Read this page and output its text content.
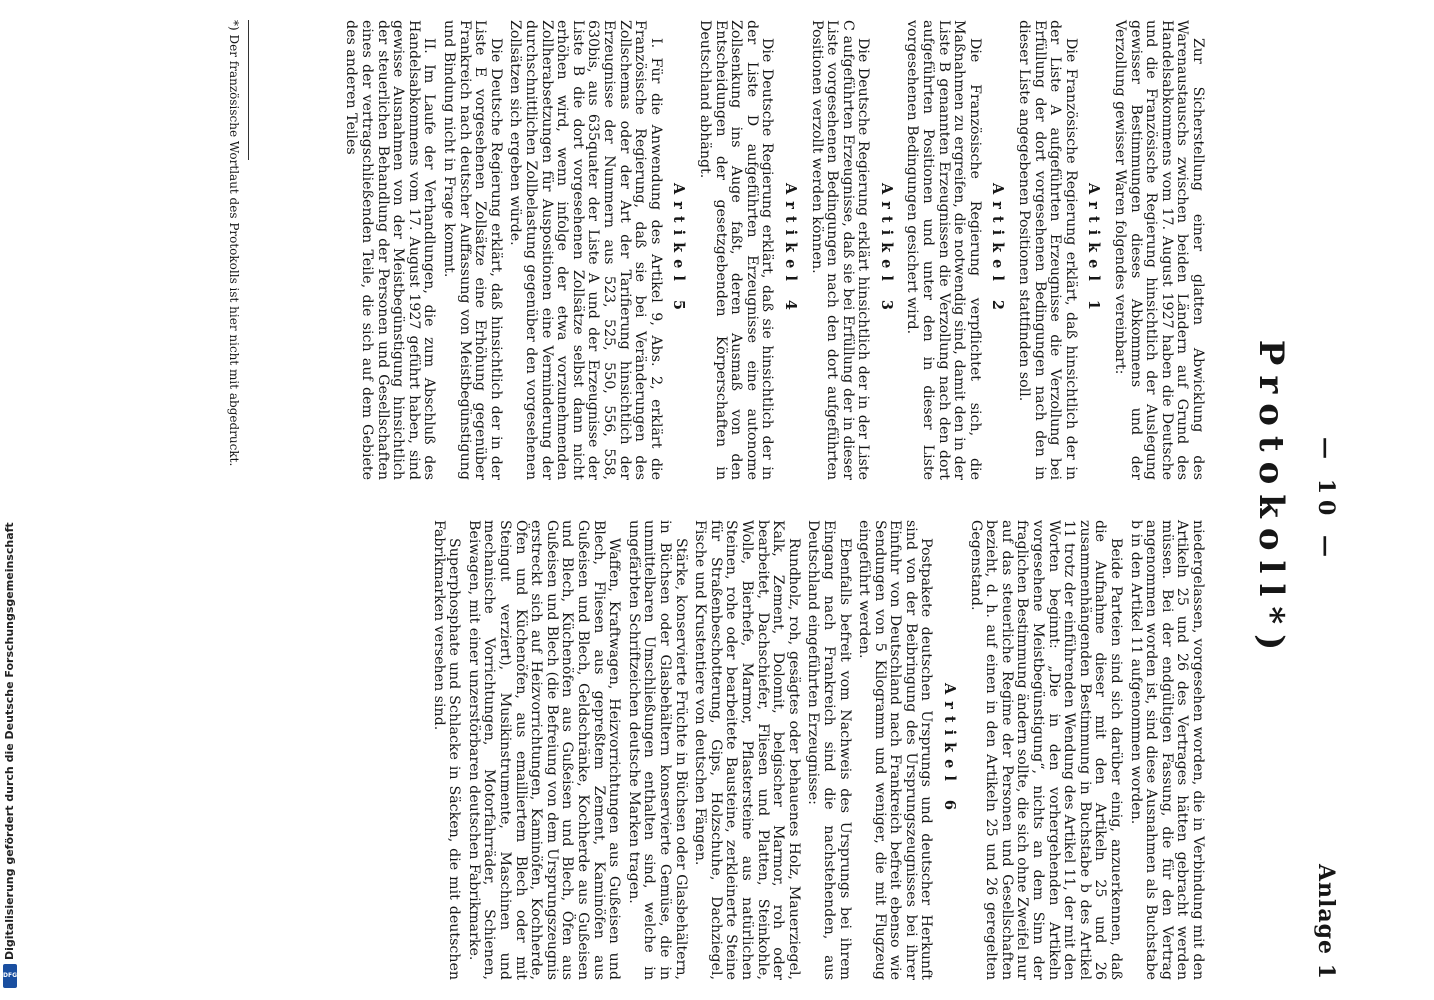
Digitalisierung gefördert durch die Deutsche Forschungsgemeinschaft
DFG
— 10 —
Anlage 1
Protokoll*)

Zur Sicherstellung einer glatten Abwicklung des Warenaustauschs zwischen beiden Ländern auf Grund des Handelsabkommens vom 17. August 1927 haben die Deutsche und die Französische Regierung hinsichtlich der Auslegung gewisser Bestimmungen dieses Abkommens und der Verzollung gewisser Waren folgendes vereinbart:

Artikel 1

Die Französische Regierung erklärt, daß hinsichtlich der in der Liste A aufgeführten Erzeugnisse die Verzollung bei Erfüllung der dort vorgesehenen Bedingungen nach den in dieser Liste angegebenen Positionen stattfinden soll.

Artikel 2

Die Französische Regierung verpflichtet sich, die Maßnahmen zu ergreifen, die notwendig sind, damit den in der Liste B genannten Erzeugnissen die Verzollung nach den dort aufgeführten Positionen und unter den in dieser Liste vorgesehenen Bedingungen gesichert wird.

Artikel 3

Die Deutsche Regierung erklärt hinsichtlich der in der Liste C aufgeführten Erzeugnisse, daß sie bei Erfüllung der in dieser Liste vorgesehenen Bedingungen nach den dort aufgeführten Positionen verzollt werden können.

Artikel 4

Die Deutsche Regierung erklärt, daß sie hinsichtlich der in der Liste D aufgeführten Erzeugnisse eine autonome Zollsenkung ins Auge faßt, deren Ausmaß von den Entscheidungen der gesetzgebenden Körperschaften in Deutschland abhängt.

Artikel 5

I. Für die Anwendung des Artikel 9, Abs. 2, erklärt die Französische Regierung, daß sie bei Veränderungen des Zollschemas oder der Art der Tarifierung hinsichtlich der Erzeugnisse der Nummern aus 523, 525, 550, 556, 558, 630bis, aus 635quater der Liste A und der Erzeugnisse der Liste B die dort vorgesehenen Zollsätze selbst dann nicht erhöhen wird, wenn infolge der etwa vorzunehmenden Zollherabsetzungen für Auspositionen eine Verminderung der durchschnittlichen Zollbelastung gegenüber den vorgesehenen Zollsätzen sich ergeben würde.

Die Deutsche Regierung erklärt, daß hinsichtlich der in der Liste E vorgesehenen Zollsätze eine Erhöhung gegenüber Frankreich nach deutscher Auffassung von Meistbegünstigung und Bindung nicht in Frage kommt.

II. Im Laufe der Verhandlungen, die zum Abschluß des Handelsabkommens vom 17. August 1927 geführt haben, sind gewisse Ausnahmen von der Meistbegünstigung hinsichtlich der steuerlichen Behandlung der Personen und Gesellschaften eines der vertragschließenden Teile, die sich auf dem Gebiete des anderen Teiles

*) Der französische Wortlaut des Protokolls ist hier nicht mit abgedruckt.

niedergelassen, vorgesehen worden, die in Verbindung mit den Artikeln 25 und 26 des Vertrages hätten gebracht werden müssen. Bei der endgültigen Fassung, die für den Vertrag angenommen worden ist, sind diese Ausnahmen als Buchstabe b in den Artikel 11 aufgenommen worden.

Beide Parteien sind sich darüber einig, anzuerkennen, daß die Aufnahme dieser mit den Artikeln 25 und 26 zusammenhängenden Bestimmung in Buchstabe b des Artikel 11 trotz der einführenden Wendung des Artikel 11, der mit den Worten beginnt: „Die in den vorhergehenden Artikeln vorgesehene Meistbegünstigung“, nichts an dem Sinn der fraglichen Bestimmung ändern sollte, die sich ohne Zweifel nur auf das steuerliche Regime der Personen und Gesellschaften bezieht, d. h. auf einen in den Artikeln 25 und 26 geregelten Gegenstand.

Artikel 6

Postpakete deutschen Ursprungs und deutscher Herkunft sind von der Beibringung des Ursprungszeugnisses bei ihrer Einfuhr von Deutschland nach Frankreich befreit ebenso wie Sendungen von 5 Kilogramm und weniger, die mit Flugzeug eingeführt werden.

Ebenfalls befreit vom Nachweis des Ursprungs bei ihrem Eingang nach Frankreich sind die nachstehenden, aus Deutschland eingeführten Erzeugnisse:

Rundholz, roh, gesägtes oder behauenes Holz, Mauerziegel, Kalk, Zement, Dolomit, belgischer Marmor, roh oder bearbeitet, Dachschiefer, Fliesen und Platten, Steinkohle, Wolle, Bierhefe, Marmor, Pflastersteine aus natürlichen Steinen, rohe oder bearbeitete Bausteine, zerkleinerte Steine für Straßenbeschotterung, Gips, Holzschuhe, Dachziegel, Fische und Krustentiere von deutschen Fängen.

Stärke, konservierte Früchte in Büchsen oder Glasbehältern, in Büchsen oder Glasbehältern konservierte Gemüse, die in unmittelbaren Umschließungen enthalten sind, welche in ungefärbten Schriftzeichen deutsche Marken tragen.

Waffen, Kraftwagen, Heizvorrichtungen aus Gußeisen und Blech, Fliesen aus gepreßtem Zement, Kaminöfen aus Gußeisen und Blech, Geldschränke, Kochherde aus Gußeisen und Blech, Küchenöfen aus Gußeisen und Blech, Öfen aus Gußeisen und Blech (die Befreiung von dem Ursprungszeugnis erstreckt sich auf Heizvorrichtungen, Kaminöfen, Kochherde, Öfen und Küchenöfen, aus emailliertem Blech oder mit Steingut verziert), Musikinstrumente, Maschinen und mechanische Vorrichtungen, Motorfahrräder, Schienen, Beiwagen, mit einer unzerstörbaren deutschen Fabrikmarke.

Superphosphate und Schlacke in Säcken, die mit deutschen Fabrikmarken versehen sind.
